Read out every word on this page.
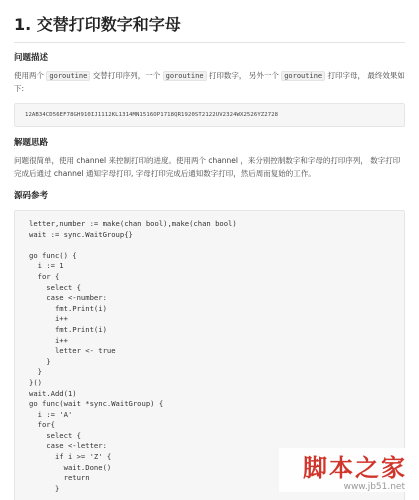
1. 交替打印数字和字母
问题描述
使用两个 goroutine 交替打印序列，一个 goroutine 打印数字， 另外一个 goroutine 打印字母， 最终效果如下:
12AB34CD56EF78GH910IJ1112KL1314MN1516OP1718QR1920ST2122UV2324WX2526YZ2728
解题思路
问题很简单，使用 channel 来控制打印的进度。使用两个 channel ，来分别控制数字和字母的打印序列， 数字打印完成后通过 channel 通知字母打印, 字母打印完成后通知数字打印，然后周而复始的工作。
源码参考
letter,number := make(chan bool),make(chan bool)
wait := sync.WaitGroup{}

go func() {
i := 1
for {
select {
case <-number:
fmt.Print(i)
i++
fmt.Print(i)
i++
letter <- true
}
}
}()
wait.Add(1)
go func(wait *sync.WaitGroup) {
i := 'A'
for{
select {
case <-letter:
if i >= 'Z' {
wait.Done()
return
}
脚本之家
www.jb51.net
